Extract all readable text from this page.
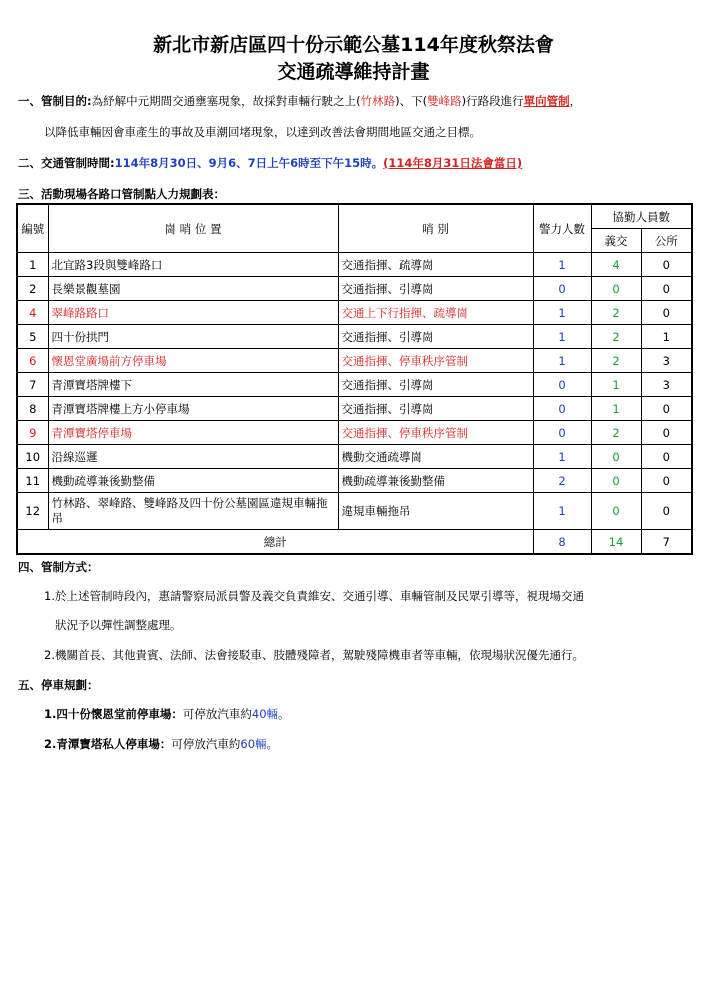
新北市新店區四十份示範公墓114年度秋祭法會
交通疏導維持計畫
一、管制目的:為紓解中元期間交通壅塞現象，故採對車輛行駛之上(竹林路)、下(雙峰路)行路段進行單向管制，
以降低車輛因會車產生的事故及車潮回堵現象，以達到改善法會期間地區交通之目標。
二、交通管制時間:114年8月30日、9月6、7日上午6時至下午15時。(114年8月31日法會當日)
三、活動現場各路口管制點人力規劃表：
編號	崗 哨 位 置	哨 別	警力人數	協勤人員數	
				義交	公所
1	北宜路3段與雙峰路口	交通指揮、疏導崗	1	4	0
2	長樂景觀墓園	交通指揮、引導崗	0	0	0
4	翠峰路路口	交通上下行指揮、疏導崗	1	2	0
5	四十份拱門	交通指揮、引導崗	1	2	1
6	懷恩堂廣場前方停車場	交通指揮、停車秩序管制	1	2	3
7	青潭寶塔牌樓下	交通指揮、引導崗	0	1	3
8	青潭寶塔牌樓上方小停車場	交通指揮、引導崗	0	1	0
9	青潭寶塔停車場	交通指揮、停車秩序管制	0	2	0
10	沿線巡邏	機動交通疏導崗	1	0	0
11	機動疏導兼後勤整備	機動疏導兼後勤整備	2	0	0
12	竹林路、翠峰路、雙峰路及四十份公墓園區違規車輛拖吊	違規車輛拖吊	1	0	0
總計			8	14	7
四、管制方式：
1.於上述管制時段內，惠請警察局派員警及義交負責維安、交通引導、車輛管制及民眾引導等，視現場交通
狀況予以彈性調整處理。
2.機關首長、其他貴賓、法師、法會接駁車、肢體殘障者，駕駛殘障機車者等車輛，依現場狀況優先通行。
五、停車規劃：
1.四十份懷恩堂前停車場：可停放汽車約40輛。
2.青潭寶塔私人停車場：可停放汽車約60輛。
